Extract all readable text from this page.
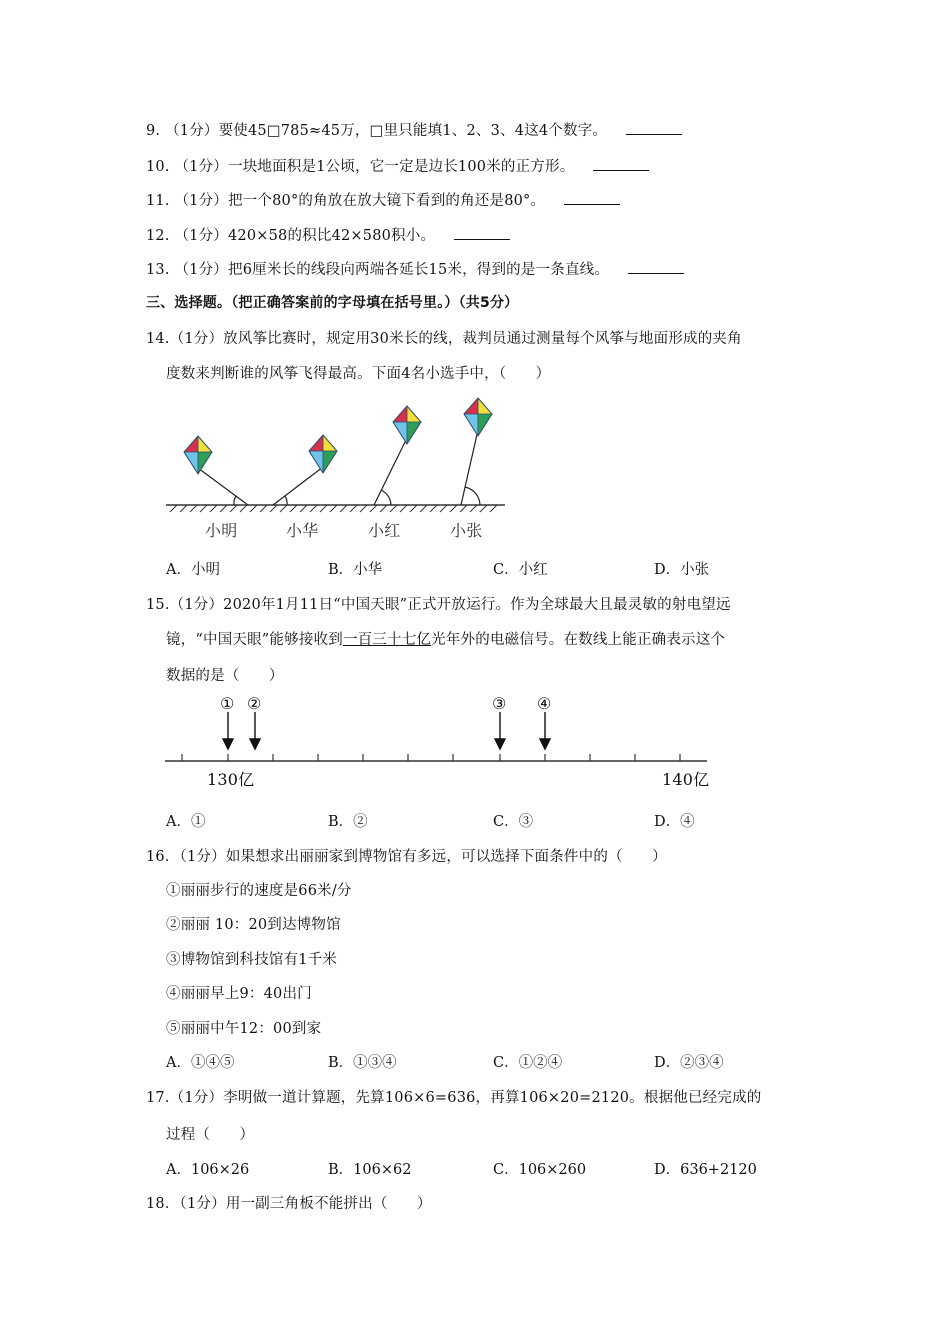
9. （1分）要使45□785≈45万，□里只能填1、2、3、4这4个数字。
10. （1分）一块地面积是1公顷，它一定是边长100米的正方形。
11. （1分）把一个80°的角放在放大镜下看到的角还是80°。
12. （1分）420×58的积比42×580积小。
13. （1分）把6厘米长的线段向两端各延长15米，得到的是一条直线。
三、选择题。（把正确答案前的字母填在括号里。）（共5分）
14.（1分）放风筝比赛时，规定用30米长的线，裁判员通过测量每个风筝与地面形成的夹角
度数来判断谁的风筝飞得最高。下面4名小选手中，（　　）
小明	小华	小红	小张
A．小明	B．小华	C．小红	D．小张
15.（1分）2020年1月11日“中国天眼”正式开放运行。作为全球最大且最灵敏的射电望远
镜，“中国天眼”能够接收到一百三十七亿光年外的电磁信号。在数线上能正确表示这个
数据的是（　　）
① ②	③ ④
130亿	140亿
A．①	B．②	C．③	D．④
16．（1分）如果想求出丽丽家到博物馆有多远，可以选择下面条件中的（　　）
①丽丽步行的速度是66米/分
②丽丽 10：20到达博物馆
③博物馆到科技馆有1千米
④丽丽早上9：40出门
⑤丽丽中午12：00到家
A．①④⑤	B．①③④	C．①②④	D．②③④
17.（1分）李明做一道计算题，先算106×6=636，再算106×20=2120。根据他已经完成的
过程（　　）
A．106×26	B．106×62	C．106×260	D．636+2120
18．（1分）用一副三角板不能拼出（　　）
